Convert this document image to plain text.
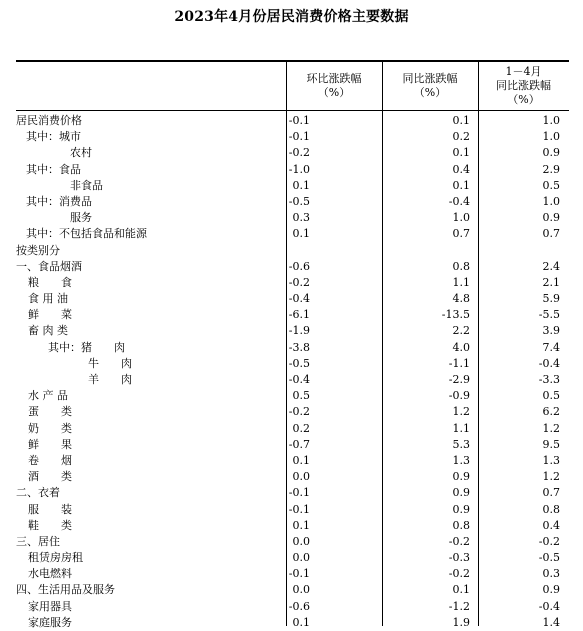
2023年4月份居民消费价格主要数据
环比涨跌幅
（%）
同比涨跌幅
（%）
1－4月
同比涨跌幅
（%）
居民消费价格	-0.1	0.1	1.0
其中：城市	-0.1	0.2	1.0
农村	-0.2	0.1	0.9
其中：食品	-1.0	0.4	2.9
非食品	0.1	0.1	0.5
其中：消费品	-0.5	-0.4	1.0
服务	0.3	1.0	0.9
其中：不包括食品和能源	0.1	0.7	0.7
按类别分
一、食品烟酒	-0.6	0.8	2.4
粮　　食	-0.2	1.1	2.1
食 用 油	-0.4	4.8	5.9
鲜　　菜	-6.1	-13.5	-5.5
畜 肉 类	-1.9	2.2	3.9
其中：猪　　肉	-3.8	4.0	7.4
牛　　肉	-0.5	-1.1	-0.4
羊　　肉	-0.4	-2.9	-3.3
水 产 品	0.5	-0.9	0.5
蛋　　类	-0.2	1.2	6.2
奶　　类	0.2	1.1	1.2
鲜　　果	-0.7	5.3	9.5
卷　　烟	0.1	1.3	1.3
酒　　类	0.0	0.9	1.2
二、衣着	-0.1	0.9	0.7
服　　装	-0.1	0.9	0.8
鞋　　类	0.1	0.8	0.4
三、居住	0.0	-0.2	-0.2
租赁房房租	0.0	-0.3	-0.5
水电燃料	-0.1	-0.2	0.3
四、生活用品及服务	0.0	0.1	0.9
家用器具	-0.6	-1.2	-0.4
家庭服务	0.1	1.9	1.4
